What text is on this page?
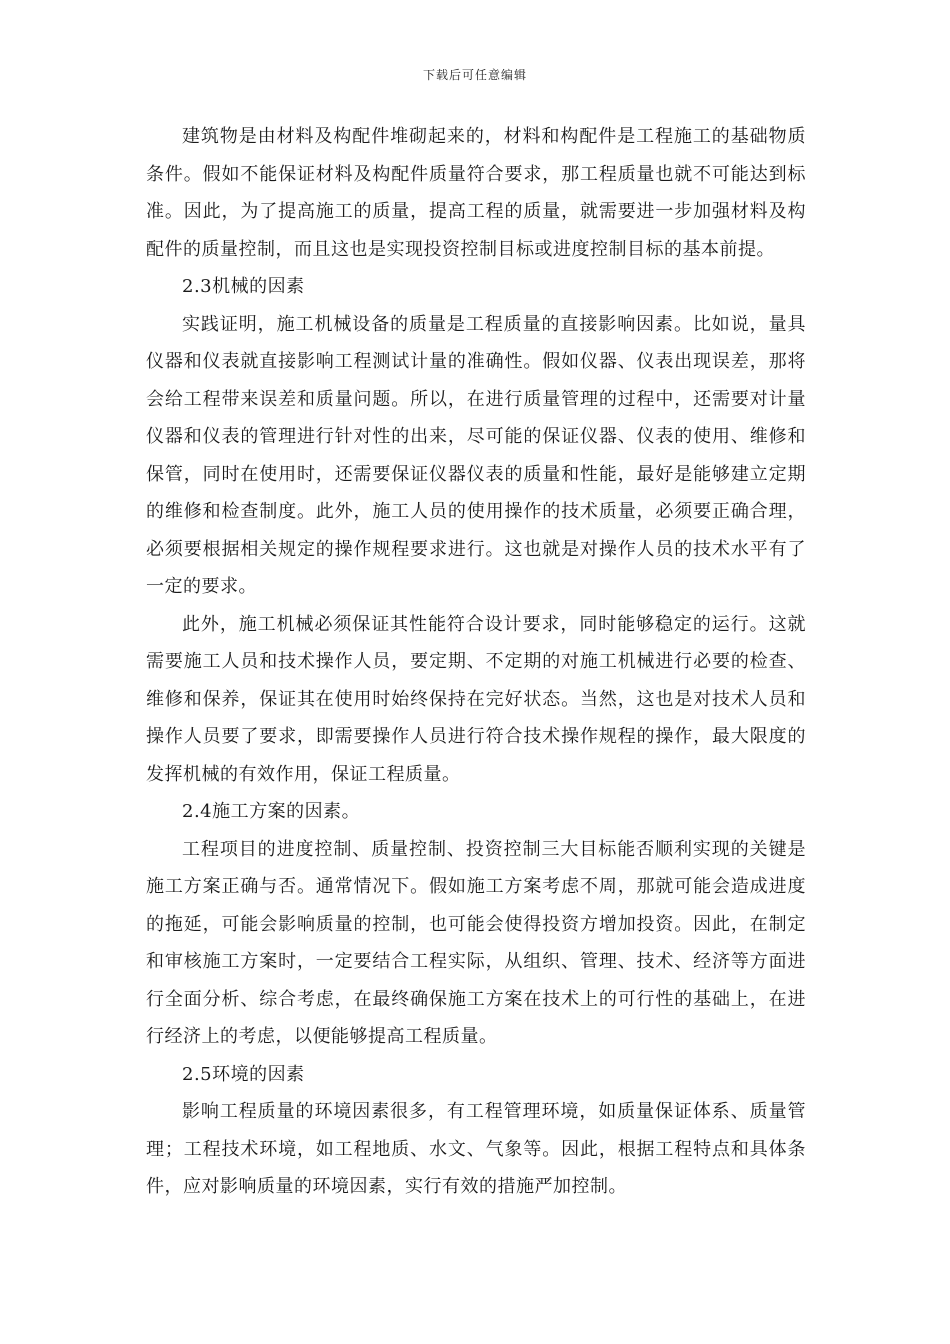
下载后可任意编辑

建筑物是由材料及构配件堆砌起来的，材料和构配件是工程施工的基础物质条件。假如不能保证材料及构配件质量符合要求，那工程质量也就不可能达到标准。因此，为了提高施工的质量，提高工程的质量，就需要进一步加强材料及构配件的质量控制，而且这也是实现投资控制目标或进度控制目标的基本前提。

2.3机械的因素

实践证明，施工机械设备的质量是工程质量的直接影响因素。比如说，量具仪器和仪表就直接影响工程测试计量的准确性。假如仪器、仪表出现误差，那将会给工程带来误差和质量问题。所以，在进行质量管理的过程中，还需要对计量仪器和仪表的管理进行针对性的出来，尽可能的保证仪器、仪表的使用、维修和保管，同时在使用时，还需要保证仪器仪表的质量和性能，最好是能够建立定期的维修和检查制度。此外，施工人员的使用操作的技术质量，必须要正确合理，必须要根据相关规定的操作规程要求进行。这也就是对操作人员的技术水平有了一定的要求。

此外，施工机械必须保证其性能符合设计要求，同时能够稳定的运行。这就需要施工人员和技术操作人员，要定期、不定期的对施工机械进行必要的检查、维修和保养，保证其在使用时始终保持在完好状态。当然，这也是对技术人员和操作人员要了要求，即需要操作人员进行符合技术操作规程的操作，最大限度的发挥机械的有效作用，保证工程质量。

2.4施工方案的因素。

工程项目的进度控制、质量控制、投资控制三大目标能否顺利实现的关键是施工方案正确与否。通常情况下。假如施工方案考虑不周，那就可能会造成进度的拖延，可能会影响质量的控制，也可能会使得投资方增加投资。因此，在制定和审核施工方案时，一定要结合工程实际，从组织、管理、技术、经济等方面进行全面分析、综合考虑，在最终确保施工方案在技术上的可行性的基础上，在进行经济上的考虑，以便能够提高工程质量。

2.5环境的因素

影响工程质量的环境因素很多，有工程管理环境，如质量保证体系、质量管理；工程技术环境，如工程地质、水文、气象等。因此，根据工程特点和具体条件，应对影响质量的环境因素，实行有效的措施严加控制。
